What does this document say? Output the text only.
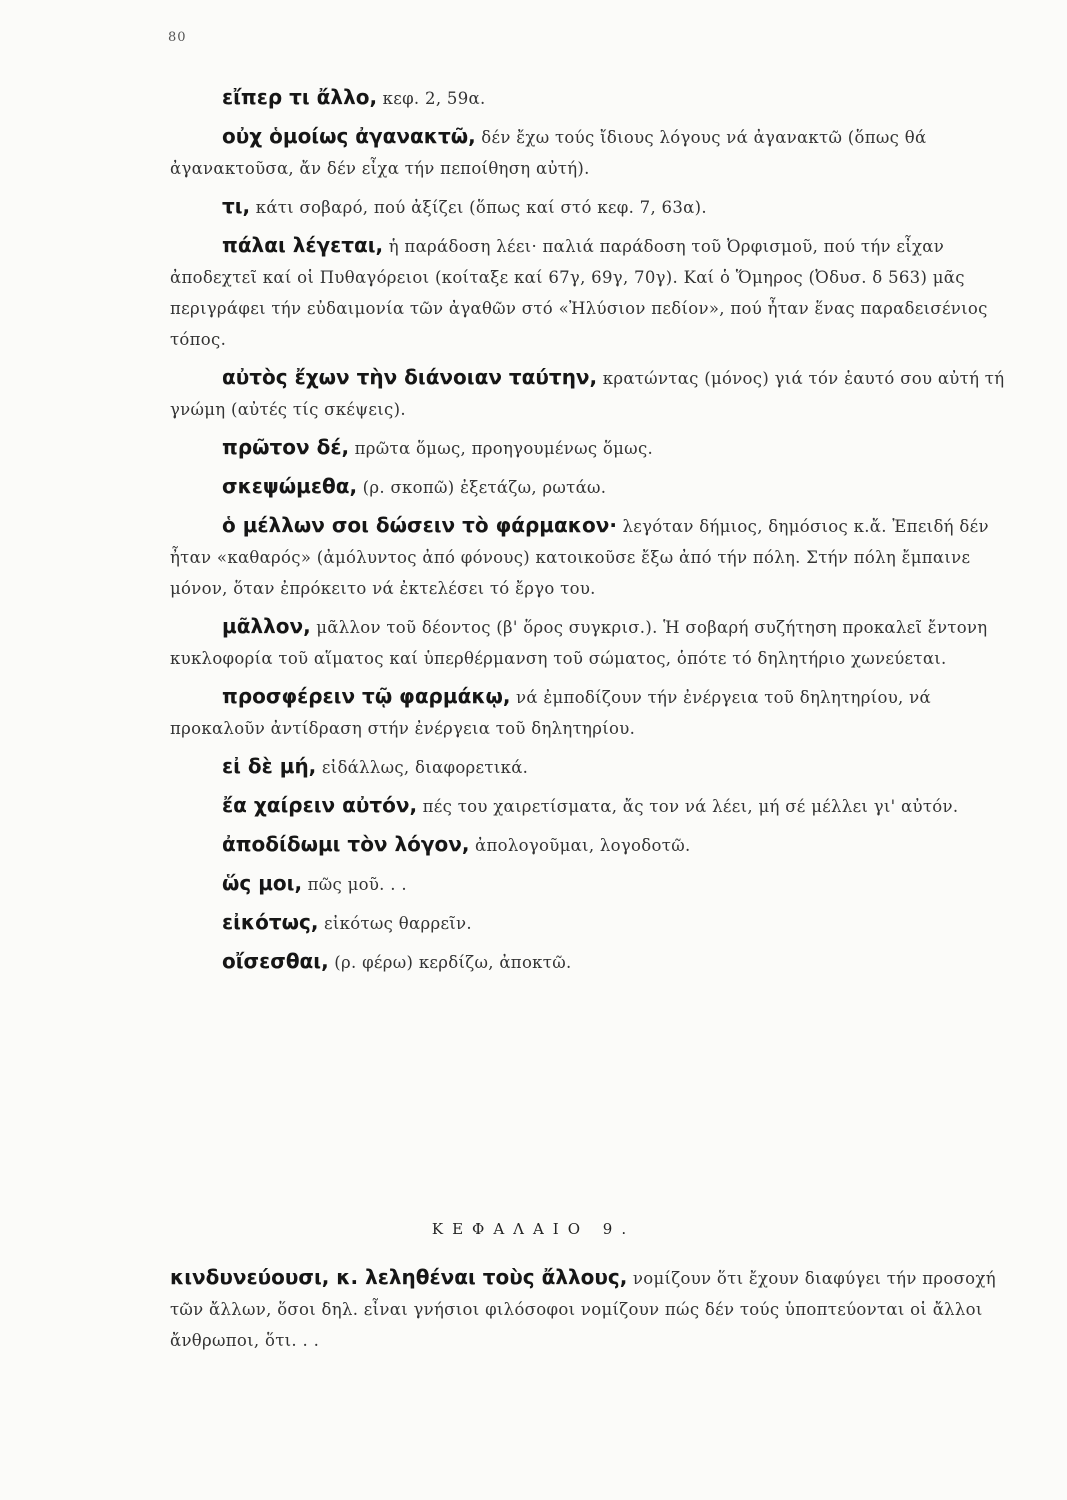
80

εἴπερ τι ἄλλο, κεφ. 2, 59α.

οὐχ ὁμοίως ἀγανακτῶ, δέν ἔχω τούς ἴδιους λόγους νά ἀγανακτῶ (ὅπως θά ἀγανακτοῦσα, ἄν δέν εἶχα τήν πεποίθηση αὐτή).

τι, κάτι σοβαρό, πού ἀξίζει (ὅπως καί στό κεφ. 7, 63α).

πάλαι λέγεται, ἡ παράδοση λέει· παλιά παράδοση τοῦ Ὀρφισμοῦ, πού τήν εἶχαν ἀποδεχτεῖ καί οἱ Πυθαγόρειοι (κοίταξε καί 67γ, 69γ, 70γ). Καί ὁ Ὅμηρος (Ὀδυσ. δ 563) μᾶς περιγράφει τήν εὐδαιμονία τῶν ἀγαθῶν στό «Ἠλύσιον πεδίον», πού ἦταν ἕνας παραδεισένιος τόπος.

αὐτὸς ἔχων τὴν διάνοιαν ταύτην, κρατώντας (μόνος) γιά τόν ἑαυτό σου αὐτή τή γνώμη (αὐτές τίς σκέψεις).

πρῶτον δέ, πρῶτα ὅμως, προηγουμένως ὅμως.

σκεψώμεθα, (ρ. σκοπῶ) ἐξετάζω, ρωτάω.

ὁ μέλλων σοι δώσειν τὸ φάρμακον· λεγόταν δήμιος, δημόσιος κ.ἄ. Ἐπειδή δέν ἦταν «καθαρός» (ἀμόλυντος ἀπό φόνους) κατοικοῦσε ἔξω ἀπό τήν πόλη. Στήν πόλη ἔμπαινε μόνον, ὅταν ἐπρόκειτο νά ἐκτελέσει τό ἔργο του.

μᾶλλον, μᾶλλον τοῦ δέοντος (β' ὅρος συγκρισ.). Ἡ σοβαρή συζήτηση προκαλεῖ ἔντονη κυκλοφορία τοῦ αἵματος καί ὑπερθέρμανση τοῦ σώματος, ὁπότε τό δηλητήριο χωνεύεται.

προσφέρειν τῷ φαρμάκῳ, νά ἐμποδίζουν τήν ἐνέργεια τοῦ δηλητηρίου, νά προκαλοῦν ἀντίδραση στήν ἐνέργεια τοῦ δηλητηρίου.

εἰ δὲ μή, εἰδάλλως, διαφορετικά.

ἔα χαίρειν αὐτόν, πές του χαιρετίσματα, ἄς τον νά λέει, μή σέ μέλλει γι' αὐτόν.

ἀποδίδωμι τὸν λόγον, ἀπολογοῦμαι, λογοδοτῶ.

ὥς μοι, πῶς μοῦ. . .

εἰκότως, εἰκότως θαρρεῖν.

οἴσεσθαι, (ρ. φέρω) κερδίζω, ἀποκτῶ.

ΚΕΦΑΛΑΙΟ 9.

κινδυνεύουσι, κ. λεληθέναι τοὺς ἄλλους, νομίζουν ὅτι ἔχουν διαφύγει τήν προσοχή τῶν ἄλλων, ὅσοι δηλ. εἶναι γνήσιοι φιλόσοφοι νομίζουν πώς δέν τούς ὑποπτεύονται οἱ ἄλλοι ἄνθρωποι, ὅτι. . .
